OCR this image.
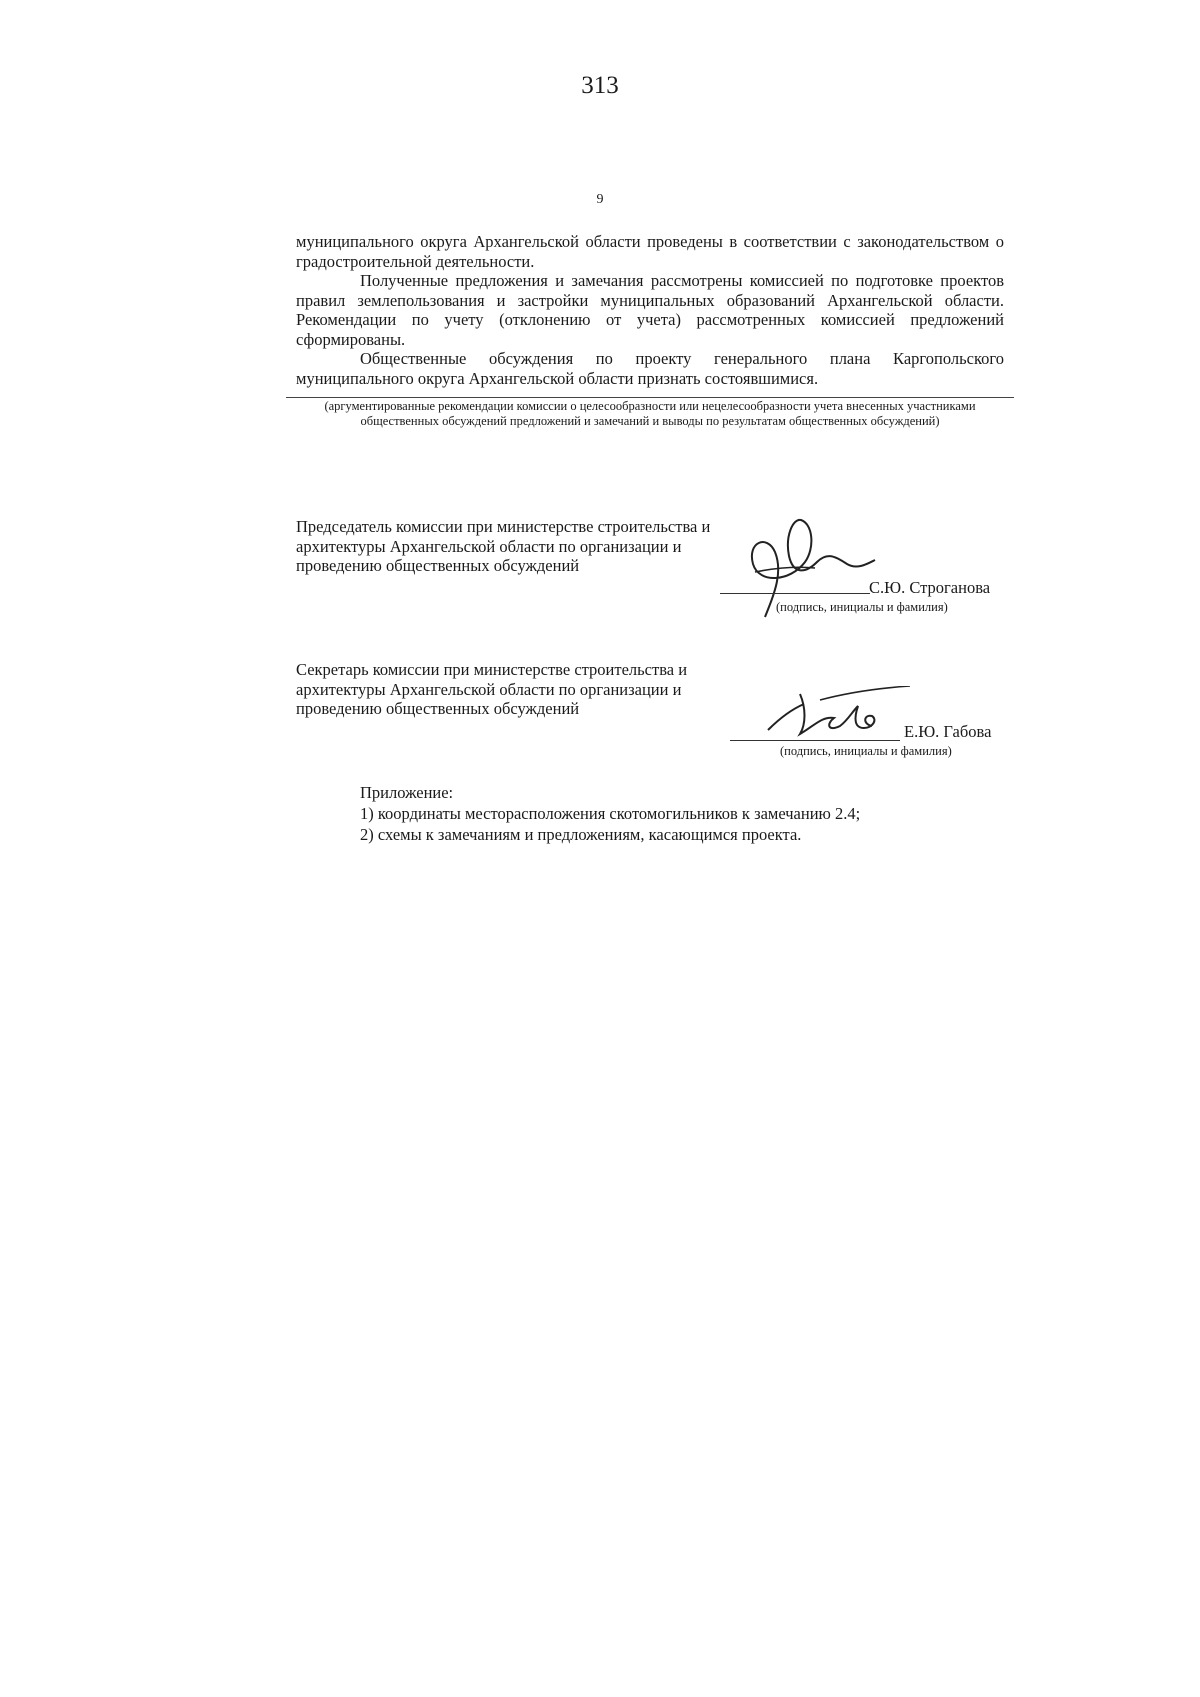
313
9

муниципального округа Архангельской области проведены в соответствии с законодательством о градостроительной деятельности.

Полученные предложения и замечания рассмотрены комиссией по подготовке проектов правил землепользования и застройки муниципальных образований Архангельской области. Рекомендации по учету (отклонению от учета) рассмотренных комиссией предложений сформированы.

Общественные обсуждения по проекту генерального плана Каргопольского муниципального округа Архангельской области признать состоявшимися.

(аргументированные рекомендации комиссии о целесообразности или нецелесообразности учета внесенных участниками общественных обсуждений предложений и замечаний и выводы по результатам общественных обсуждений)
Председатель комиссии при министерстве строительства и архитектуры Архангельской области по организации и проведению общественных обсуждений
С.Ю. Строганова
(подпись, инициалы и фамилия)
Секретарь комиссии при министерстве строительства и архитектуры Архангельской области по организации и проведению общественных обсуждений
Е.Ю. Габова
(подпись, инициалы и фамилия)

Приложение:

1) координаты месторасположения скотомогильников к замечанию 2.4;

2) схемы к замечаниям и предложениям, касающимся проекта.
